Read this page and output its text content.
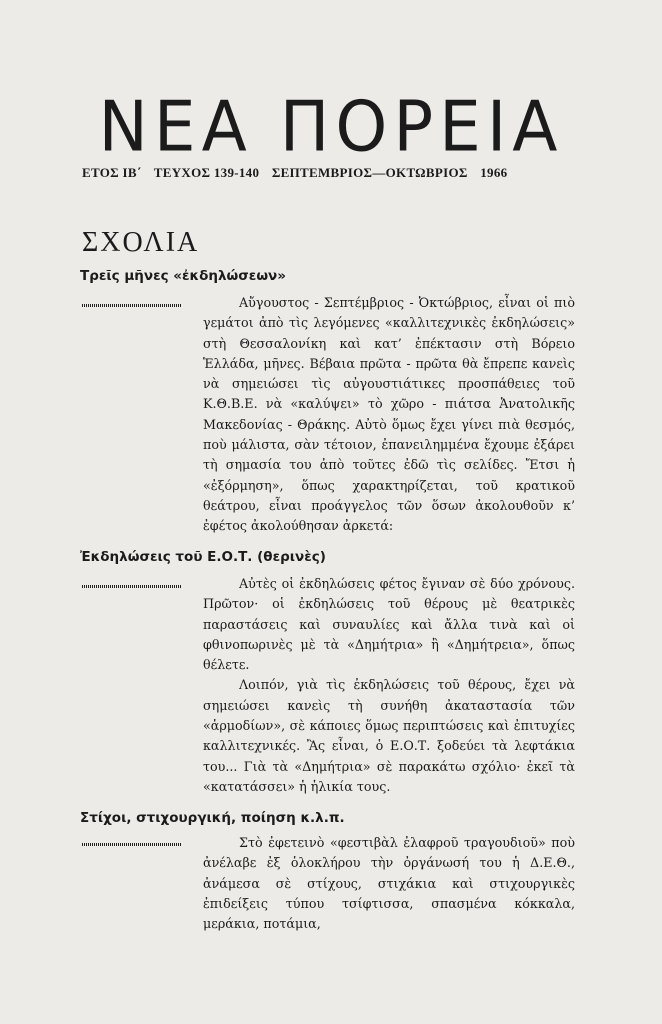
ΝΕΑ ΠΟΡΕΙΑ
ΕΤΟΣ ΙΒ΄ ΤΕΥΧΟΣ 139-140 ΣΕΠΤΕΜΒΡΙΟΣ—ΟΚΤΩΒΡΙΟΣ 1966
ΣΧΟΛΙΑ
Τρεῖς μῆνες «ἐκδηλώσεων»

Αὔγουστος - Σεπτέμβριος - Ὀκτώβριος, εἶναι οἱ πιὸ γεμάτοι ἀπὸ τὶς λεγόμενες «καλλιτεχνικὲς ἐκδηλώσεις» στὴ Θεσσαλονίκη καὶ κατ’ ἐπέκτασιν στὴ Βόρειο Ἑλλάδα, μῆνες. Βέβαια πρῶτα - πρῶτα θὰ ἔπρεπε κανεὶς νὰ σημειώσει τὶς αὐγουστιάτικες προσπάθειες τοῦ Κ.Θ.Β.Ε. νὰ «καλύψει» τὸ χῶρο - πιάτσα Ἀνατολικῆς Μακεδονίας - Θράκης. Αὐτὸ ὅμως ἔχει γίνει πιὰ θεσμός, ποὺ μάλιστα, σὰν τέτοιον, ἐπανειλημμένα ἔχουμε ἐξάρει τὴ σημασία του ἀπὸ τοῦτες ἐδῶ τὶς σελίδες. Ἔτσι ἡ «ἐξόρμηση», ὅπως χαρακτηρίζεται, τοῦ κρατικοῦ θεάτρου, εἶναι προάγγελος τῶν ὅσων ἀκολουθοῦν κ’ ἐφέτος ἀκολούθησαν ἀρκετά:

Ἐκδηλώσεις τοῦ Ε.Ο.Τ. (θερινὲς)

Αὐτὲς οἱ ἐκδηλώσεις φέτος ἔγιναν σὲ δύο χρόνους. Πρῶτον· οἱ ἐκδηλώσεις τοῦ θέρους μὲ θεατρικὲς παραστάσεις καὶ συναυλίες καὶ ἄλλα τινὰ καὶ οἱ φθινοπωρινὲς μὲ τὰ «Δημήτρια» ἢ «Δημήτρεια», ὅπως θέλετε.

Λοιπόν, γιὰ τὶς ἐκδηλώσεις τοῦ θέρους, ἔχει νὰ σημειώσει κανεὶς τὴ συνήθη ἀκαταστασία τῶν «ἁρμοδίων», σὲ κάποιες ὅμως περιπτώσεις καὶ ἐπιτυχίες καλλιτεχνικές. Ἂς εἶναι, ὁ Ε.Ο.Τ. ξοδεύει τὰ λεφτάκια του... Γιὰ τὰ «Δημήτρια» σὲ παρακάτω σχόλιο· ἐκεῖ τὰ «κατατάσσει» ἡ ἡλικία τους.

Στίχοι, στιχουργική, ποίηση κ.λ.π.

Στὸ ἐφετεινὸ «φεστιβὰλ ἐλαφροῦ τραγουδιοῦ» ποὺ ἀνέλαβε ἐξ ὁλοκλήρου τὴν ὀργάνωσή του ἡ Δ.Ε.Θ., ἀνάμεσα σὲ στίχους, στιχάκια καὶ στιχουργικὲς ἐπιδείξεις τύπου τσίφτισσα, σπασμένα κόκκαλα, μεράκια, ποτάμια,
